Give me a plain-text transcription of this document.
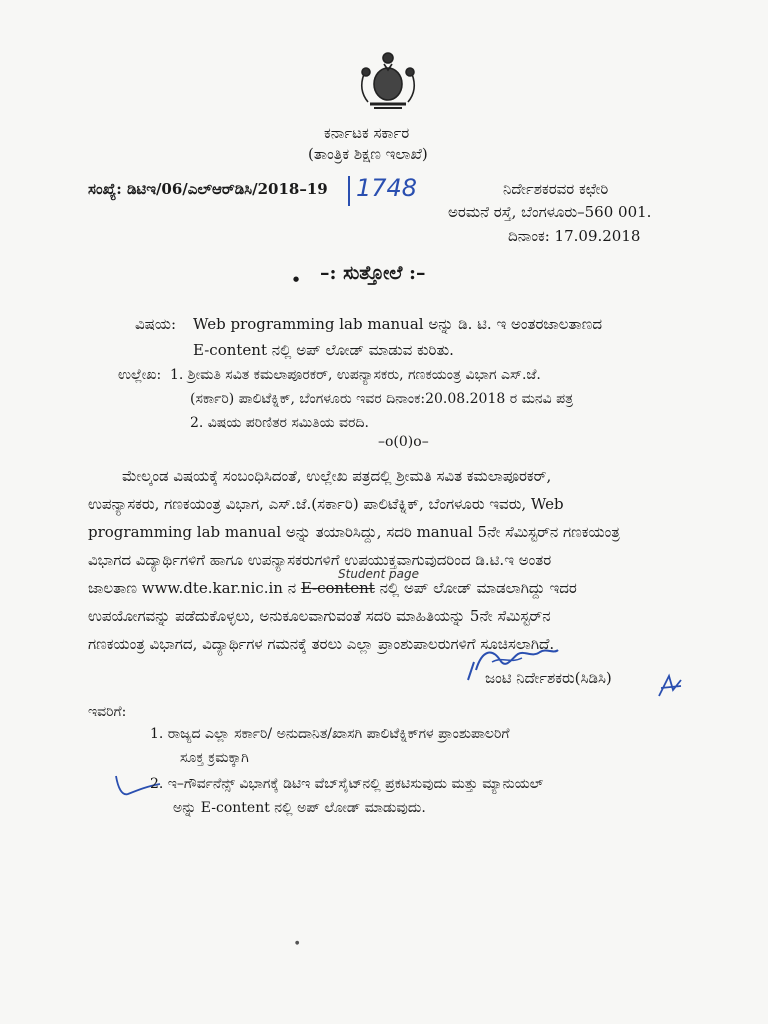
ಕರ್ನಾಟಕ ಸರ್ಕಾರ
(ತಾಂತ್ರಿಕ ಶಿಕ್ಷಣ ಇಲಾಖೆ)
ಸಂಖ್ಯೆ: ಡಿಟಿಇ/06/ಎಲ್‌ಆರ್‌ಡಿಸಿ/2018–19 1748	ನಿರ್ದೇಶಕರವರ ಕಛೇರಿ
ಅರಮನೆ ರಸ್ತೆ, ಬೆಂಗಳೂರು–560 001.
ದಿನಾಂಕ: 17.09.2018
● –: ಸುತ್ತೋಲೆ :–
ವಿಷಯ: Web programming lab manual ಅನ್ನು ಡಿ. ಟಿ. ಇ ಅಂತರಜಾಲತಾಣದ
E-content ನಲ್ಲಿ ಅಪ್ ಲೋಡ್ ಮಾಡುವ ಕುರಿತು.
ಉಲ್ಲೇಖ: 1. ಶ್ರೀಮತಿ ಸವಿತ ಕಮಲಾಪೂರಕರ್, ಉಪನ್ಯಾಸಕರು, ಗಣಕಯಂತ್ರ ವಿಭಾಗ ಎಸ್.ಜೆ.
(ಸರ್ಕಾರಿ) ಪಾಲಿಟೆಕ್ನಿಕ್, ಬೆಂಗಳೂರು ಇವರ ದಿನಾಂಕ:20.08.2018 ರ ಮನವಿ ಪತ್ರ
2. ವಿಷಯ ಪರಿಣಿತರ ಸಮಿತಿಯ ವರದಿ.
–o(0)o–
ಮೇಲ್ಕಂಡ ವಿಷಯಕ್ಕೆ ಸಂಬಂಧಿಸಿದಂತೆ, ಉಲ್ಲೇಖ ಪತ್ರದಲ್ಲಿ ಶ್ರೀಮತಿ ಸವಿತ ಕಮಲಾಪೂರಕರ್,
ಉಪನ್ಯಾಸಕರು, ಗಣಕಯಂತ್ರ ವಿಭಾಗ, ಎಸ್.ಜೆ.(ಸರ್ಕಾರಿ) ಪಾಲಿಟೆಕ್ನಿಕ್, ಬೆಂಗಳೂರು ಇವರು, Web
programming lab manual ಅನ್ನು ತಯಾರಿಸಿದ್ದು, ಸದರಿ manual 5ನೇ ಸೆಮಿಸ್ಟರ್‌ನ ಗಣಕಯಂತ್ರ
ವಿಭಾಗದ ವಿದ್ಯಾರ್ಥಿಗಳಿಗೆ ಹಾಗೂ ಉಪನ್ಯಾಸಕರುಗಳಿಗೆ ಉಪಯುಕ್ತವಾಗುವುದರಿಂದ ಡಿ.ಟಿ.ಇ ಅಂತರ
ಜಾಲತಾಣ www.dte.kar.nic.in ನ E-content ನಲ್ಲಿ ಅಪ್ ಲೋಡ್ ಮಾಡಲಾಗಿದ್ದು ಇದರ
Student page
ಉಪಯೋಗವನ್ನು ಪಡೆದುಕೊಳ್ಳಲು, ಅನುಕೂಲವಾಗುವಂತೆ ಸದರಿ ಮಾಹಿತಿಯನ್ನು 5ನೇ ಸೆಮಿಸ್ಟರ್‌ನ
ಗಣಕಯಂತ್ರ ವಿಭಾಗದ, ವಿದ್ಯಾರ್ಥಿಗಳ ಗಮನಕ್ಕೆ ತರಲು ಎಲ್ಲಾ ಪ್ರಾಂಶುಪಾಲರುಗಳಿಗೆ ಸೂಚಿಸಲಾಗಿದೆ.
ಜಂಟಿ ನಿರ್ದೇಶಕರು(ಸಿಡಿಸಿ)
ಇವರಿಗೆ:
1. ರಾಜ್ಯದ ಎಲ್ಲಾ ಸರ್ಕಾರಿ/ ಅನುದಾನಿತ/ಖಾಸಗಿ ಪಾಲಿಟೆಕ್ನಿಕ್‌ಗಳ ಪ್ರಾಂಶುಪಾಲರಿಗೆ
ಸೂಕ್ತ ಕ್ರಮಕ್ಕಾಗಿ
2. ಇ–ಗೌರ್ವನೆನ್ಸ್ ವಿಭಾಗಕ್ಕೆ ಡಿಟಿಇ ವೆಬ್‌ಸೈಟ್‌ನಲ್ಲಿ ಪ್ರಕಟಿಸುವುದು ಮತ್ತು ಮ್ಯಾನುಯಲ್
ಅನ್ನು E-content ನಲ್ಲಿ ಅಪ್ ಲೋಡ್ ಮಾಡುವುದು.
●
